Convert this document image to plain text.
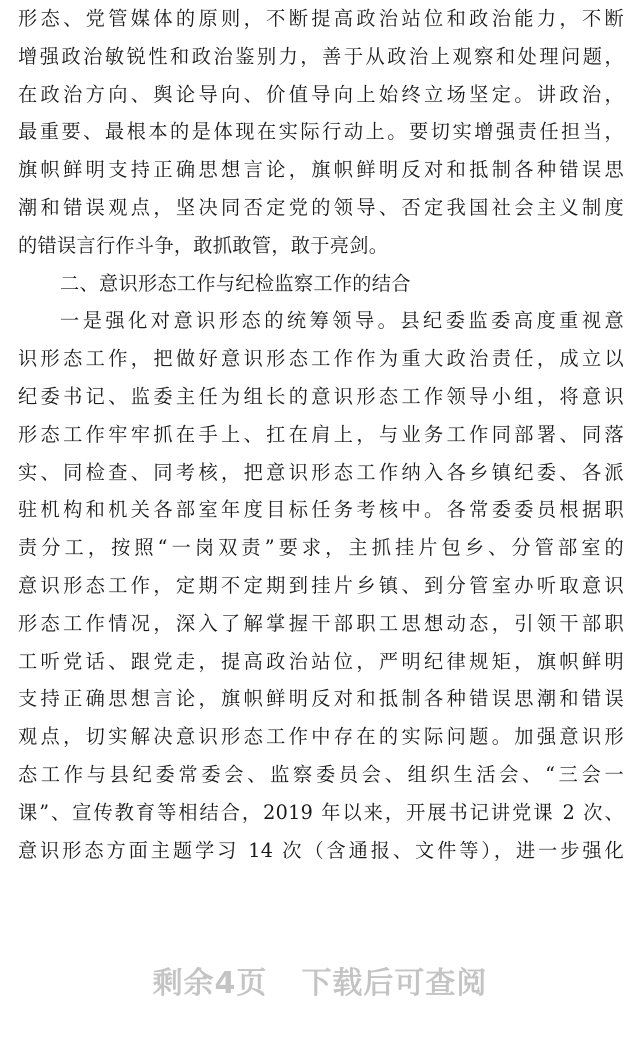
形态、党管媒体的原则，不断提高政治站位和政治能力，不断
增强政治敏锐性和政治鉴别力，善于从政治上观察和处理问题，
在政治方向、舆论导向、价值导向上始终立场坚定。讲政治，
最重要、最根本的是体现在实际行动上。要切实增强责任担当，
旗帜鲜明支持正确思想言论，旗帜鲜明反对和抵制各种错误思
潮和错误观点，坚决同否定党的领导、否定我国社会主义制度
的错误言行作斗争，敢抓敢管，敢于亮剑。
二、意识形态工作与纪检监察工作的结合
一是强化对意识形态的统筹领导。县纪委监委高度重视意
识形态工作，把做好意识形态工作作为重大政治责任，成立以
纪委书记、监委主任为组长的意识形态工作领导小组，将意识
形态工作牢牢抓在手上、扛在肩上，与业务工作同部署、同落
实、同检查、同考核，把意识形态工作纳入各乡镇纪委、各派
驻机构和机关各部室年度目标任务考核中。各常委委员根据职
责分工，按照“一岗双责”要求，主抓挂片包乡、分管部室的
意识形态工作，定期不定期到挂片乡镇、到分管室办听取意识
形态工作情况，深入了解掌握干部职工思想动态，引领干部职
工听党话、跟党走，提高政治站位，严明纪律规矩，旗帜鲜明
支持正确思想言论，旗帜鲜明反对和抵制各种错误思潮和错误
观点，切实解决意识形态工作中存在的实际问题。加强意识形
态工作与县纪委常委会、监察委员会、组织生活会、“三会一
课”、宣传教育等相结合，2019 年以来，开展书记讲党课 2 次、
意识形态方面主题学习 14 次（含通报、文件等），进一步强化
剩余4页 下载后可查阅
